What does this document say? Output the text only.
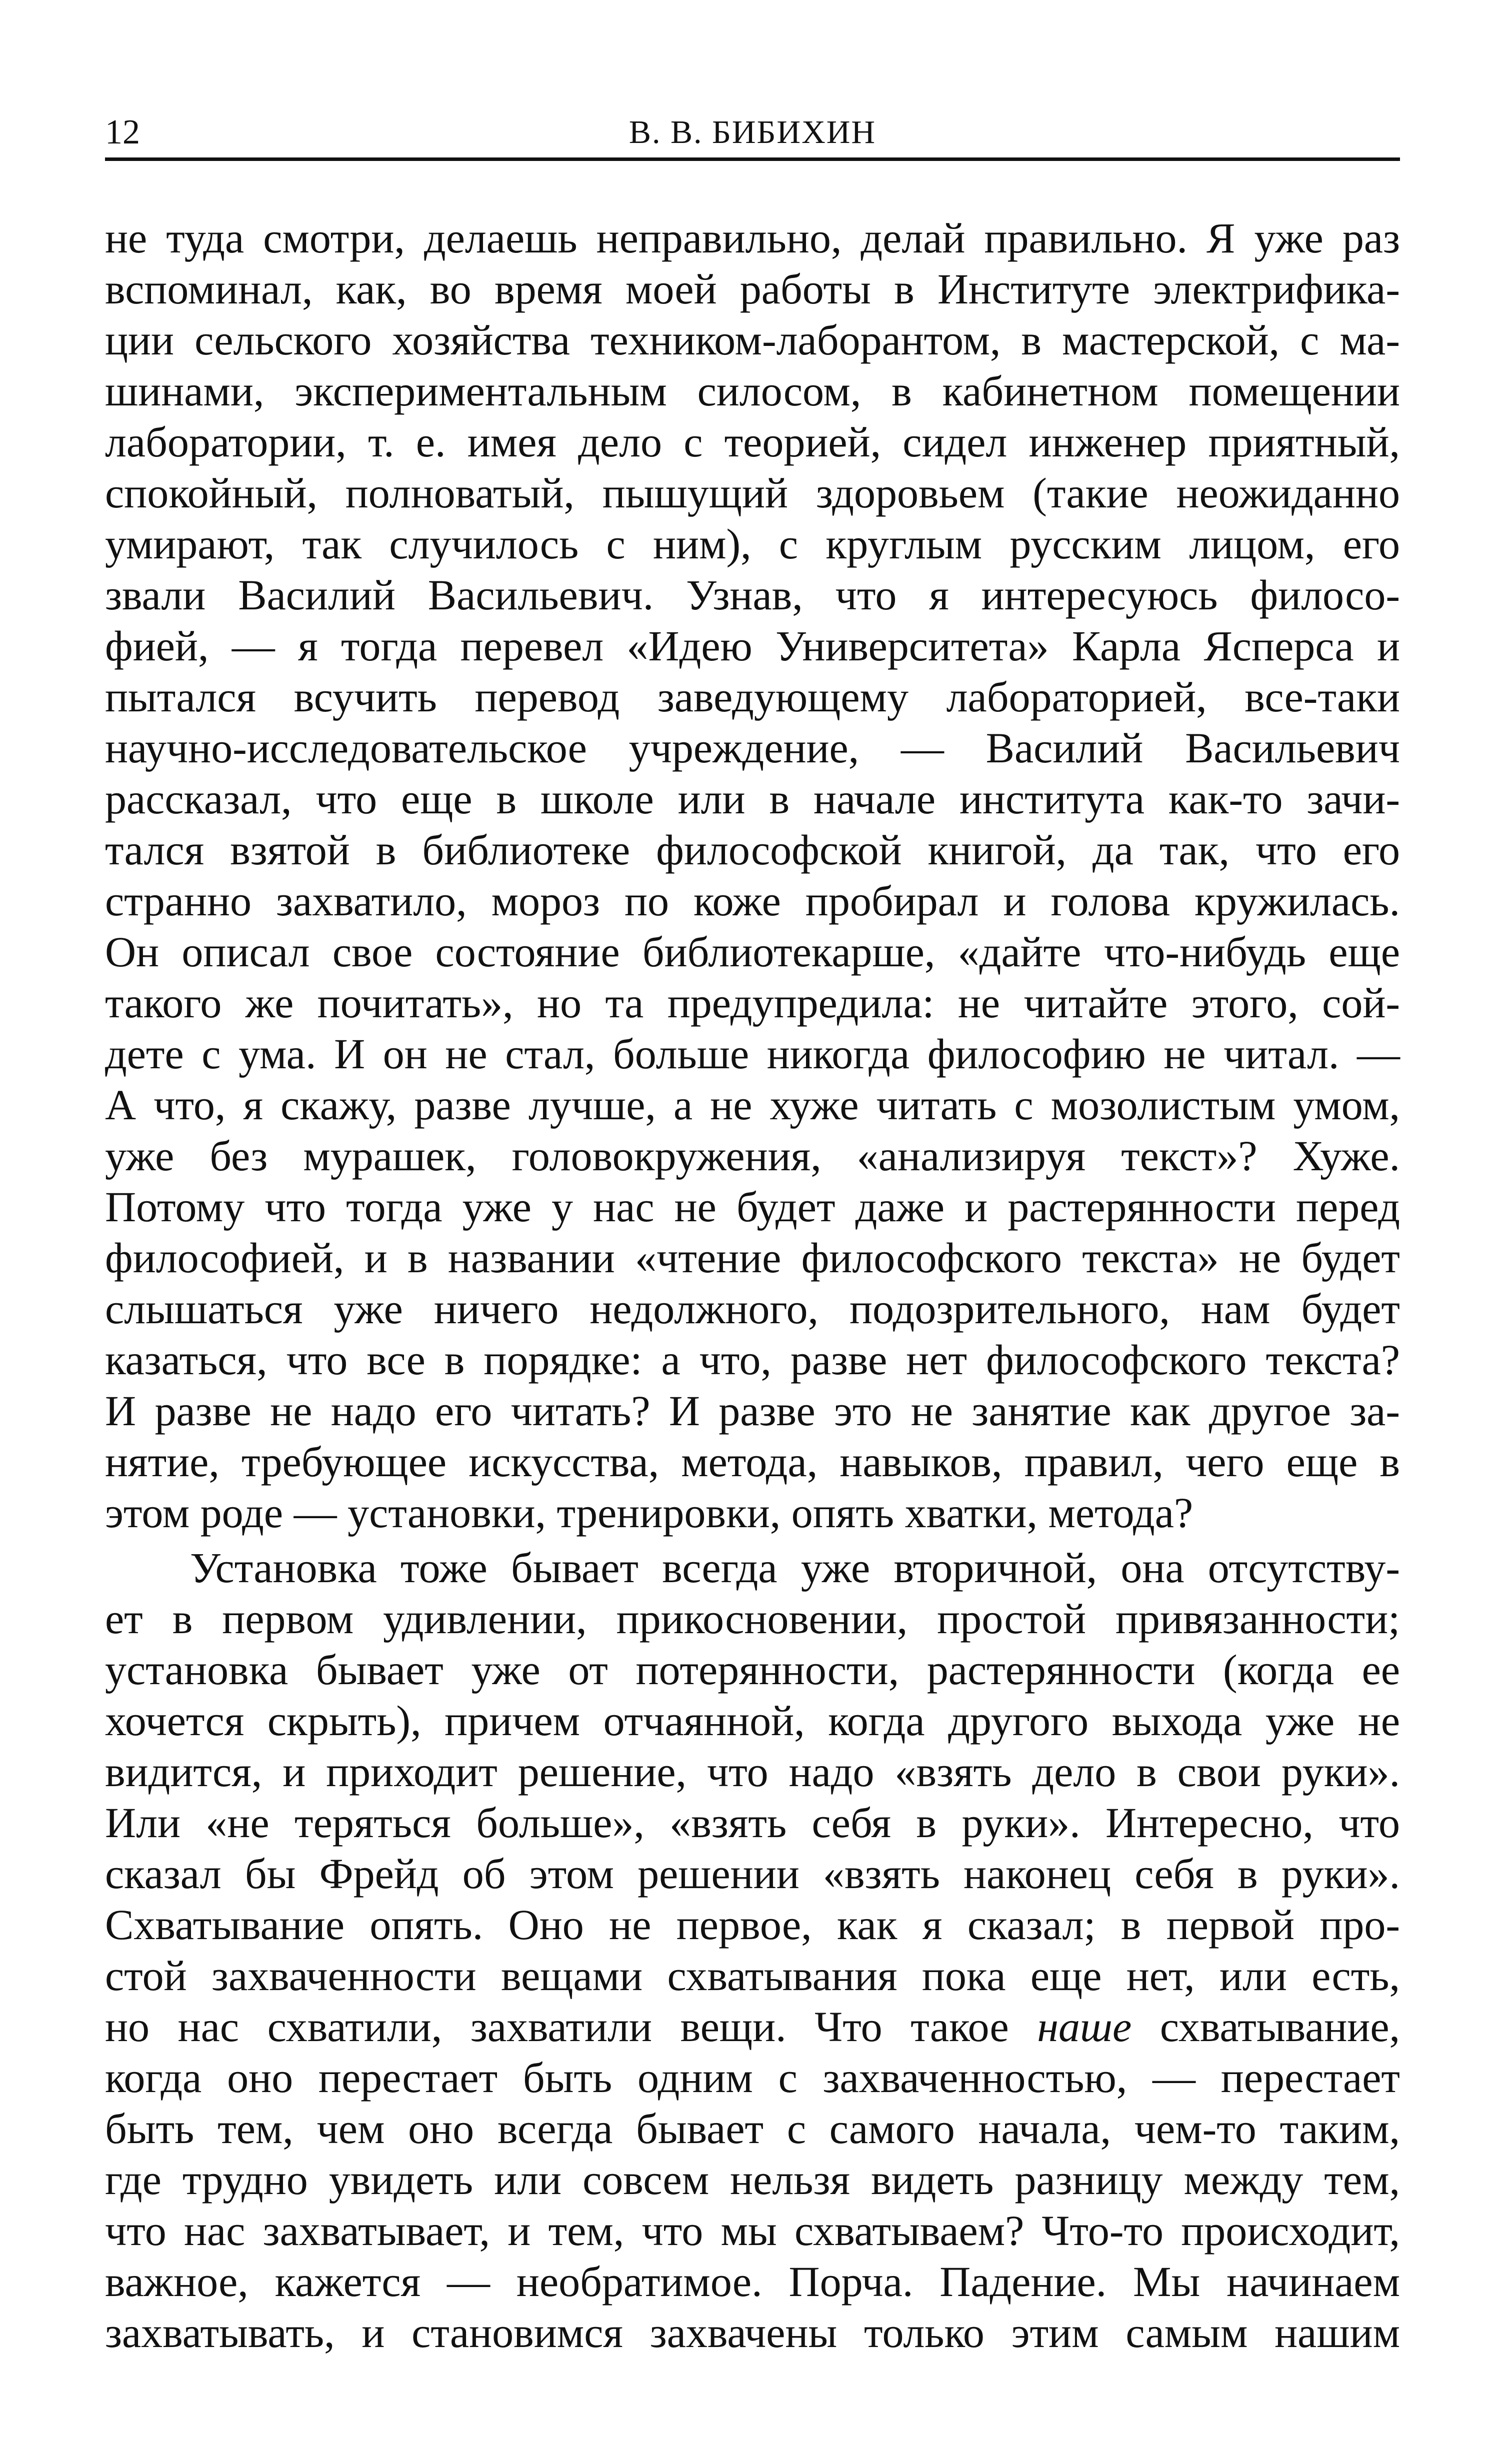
12	В. В. БИБИХИН
не туда смотри, делаешь неправильно, делай правильно. Я уже раз
вспоминал, как, во время моей работы в Институте электрифика-
ции сельского хозяйства техником-лаборантом, в мастерской, с ма-
шинами, экспериментальным силосом, в кабинетном помещении
лаборатории, т. е. имея дело с теорией, сидел инженер приятный,
спокойный, полноватый, пышущий здоровьем (такие неожиданно
умирают, так случилось с ним), с круглым русским лицом, его
звали Василий Васильевич. Узнав, что я интересуюсь филосо-
фией, — я тогда перевел «Идею Университета» Карла Ясперса и
пытался всучить перевод заведующему лабораторией, все-таки
научно-исследовательское учреждение, — Василий Васильевич
рассказал, что еще в школе или в начале института как-то зачи-
тался взятой в библиотеке философской книгой, да так, что его
странно захватило, мороз по коже пробирал и голова кружилась.
Он описал свое состояние библиотекарше, «дайте что-нибудь еще
такого же почитать», но та предупредила: не читайте этого, сой-
дете с ума. И он не стал, больше никогда философию не читал. —
А что, я скажу, разве лучше, а не хуже читать с мозолистым умом,
уже без мурашек, головокружения, «анализируя текст»? Хуже.
Потому что тогда уже у нас не будет даже и растерянности перед
философией, и в названии «чтение философского текста» не будет
слышаться уже ничего недолжного, подозрительного, нам будет
казаться, что все в порядке: а что, разве нет философского текста?
И разве не надо его читать? И разве это не занятие как другое за-
нятие, требующее искусства, метода, навыков, правил, чего еще в
этом роде — установки, тренировки, опять хватки, метода?
Установка тоже бывает всегда уже вторичной, она отсутству-
ет в первом удивлении, прикосновении, простой привязанности;
установка бывает уже от потерянности, растерянности (когда ее
хочется скрыть), причем отчаянной, когда другого выхода уже не
видится, и приходит решение, что надо «взять дело в свои руки».
Или «не теряться больше», «взять себя в руки». Интересно, что
сказал бы Фрейд об этом решении «взять наконец себя в руки».
Схватывание опять. Оно не первое, как я сказал; в первой про-
стой захваченности вещами схватывания пока еще нет, или есть,
но нас схватили, захватили вещи. Что такое наше схватывание,
когда оно перестает быть одним с захваченностью, — перестает
быть тем, чем оно всегда бывает с самого начала, чем-то таким,
где трудно увидеть или совсем нельзя видеть разницу между тем,
что нас захватывает, и тем, что мы схватываем? Что-то происходит,
важное, кажется — необратимое. Порча. Падение. Мы начинаем
захватывать, и становимся захвачены только этим самым нашим
